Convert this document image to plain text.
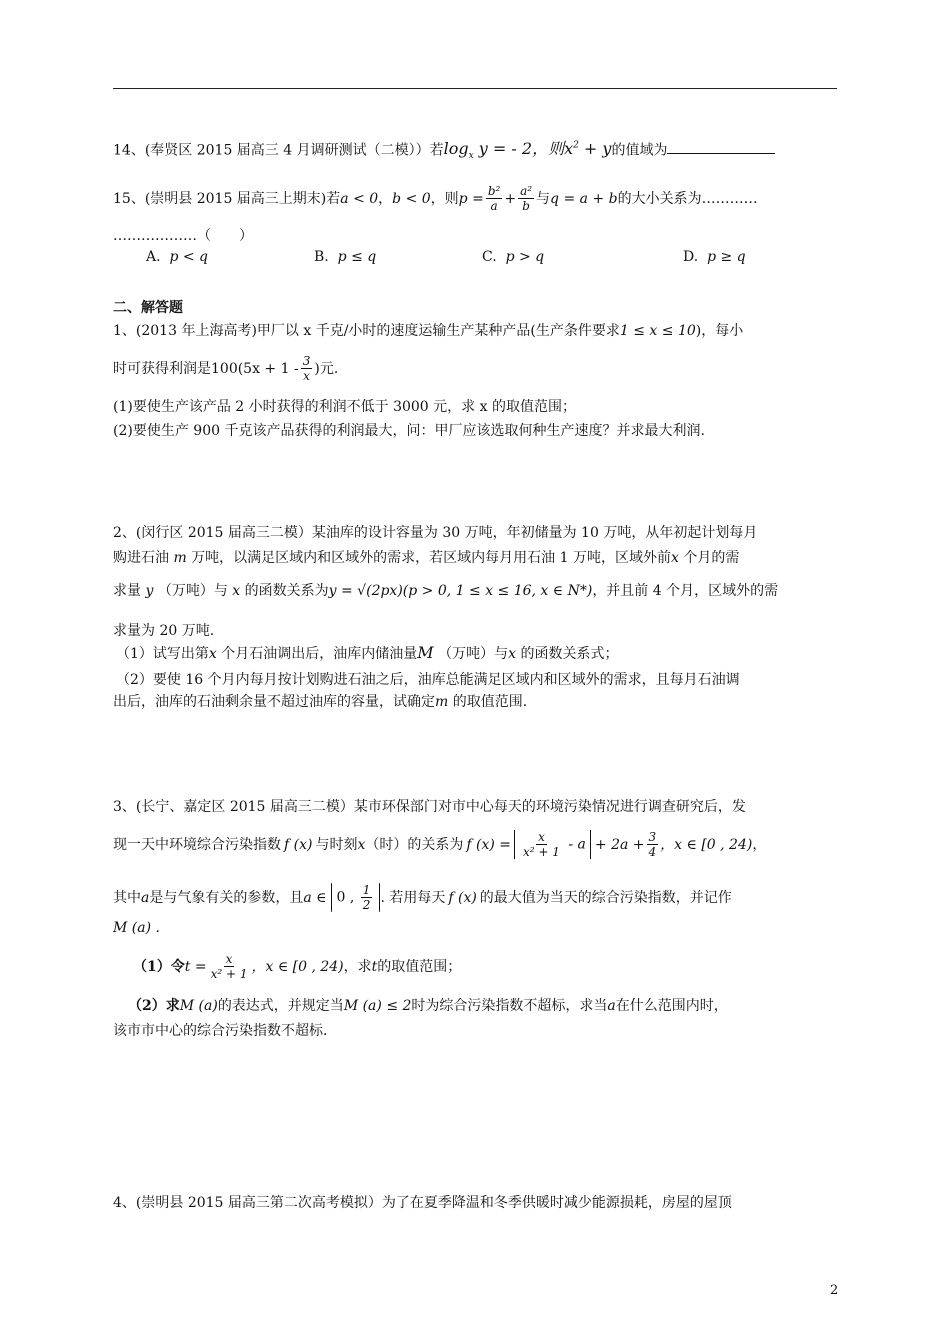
14、(奉贤区 2015 届高三 4 月调研测试（二模））若$\log_x y$ = - 2，则$x^2 + y$的值域为
15、(崇明县 2015 届高三上期末)若 a < 0 ， b < 0 ，则 $p = \frac{\text{b²}}{a} + \frac{\text{a²}}{b}$ 与 q = a + b 的大小关系为…………
………………（　　）
A. p < q	B. p ≤ q	C. p > q	D. p ≥ q
二、解答题
1、(2013 年上海高考)甲厂以 x 千克/小时的速度运输生产某种产品(生产条件要求1 ≤ x ≤ 10)，每小
时可获得利润是 $100(5x + 1 - \frac{3}{x}$ ) 元.
(1)要使生产该产品 2 小时获得的利润不低于 3000 元，求 x 的取值范围；
(2)要使生产 900 千克该产品获得的利润最大，问：甲厂应该选取何种生产速度？并求最大利润.
2、(闵行区 2015 届高三二模）某油库的设计容量为 30 万吨，年初储量为 10 万吨，从年初起计划每月
购进石油 m 万吨，以满足区域内和区域外的需求，若区域内每月用石油 1 万吨，区域外前x 个月的需
求量 y （万吨）与 x 的函数关系为y = √(2px)(p > 0, 1 ≤ x ≤ 16, x ∈ N*)，并且前 4 个月，区域外的需
求量为 20 万吨.
（1）试写出第x 个月石油调出后，油库内储油量M （万吨）与x 的函数关系式；
（2）要使 16 个月内每月按计划购进石油之后，油库总能满足区域内和区域外的需求，且每月石油调
出后，油库的石油剩余量不超过油库的容量，试确定m 的取值范围.
3、(长宁、嘉定区 2015 届高三二模）某市环保部门对市中心每天的环境污染情况进行调查研究后，发
现一天中环境综合污染指数 f (x) 与时刻 x （时）的关系为 f $(x) = \frac{x}{\text{x² + 1}} - a + 2a + \frac{3}{4}$ ，x ∈ [0 , 24) ，
其中 a 是与气象有关的参数，且 a ∈ 0 , $\frac{1}{2}$ . 若用每天 f (x) 的最大值为当天的综合污染指数，并记作
M (a) .
（1）令 $t = \frac{x}{\text{x² + 1}}$ ，x ∈ [0 , 24) ，求 t 的取值范围；
（2）求M (a)的表达式，并规定当M (a) ≤ 2时为综合污染指数不超标，求当a在什么范围内时，
该市市中心的综合污染指数不超标.
4、(崇明县 2015 届高三第二次高考模拟）为了在夏季降温和冬季供暖时减少能源损耗，房屋的屋顶
2
